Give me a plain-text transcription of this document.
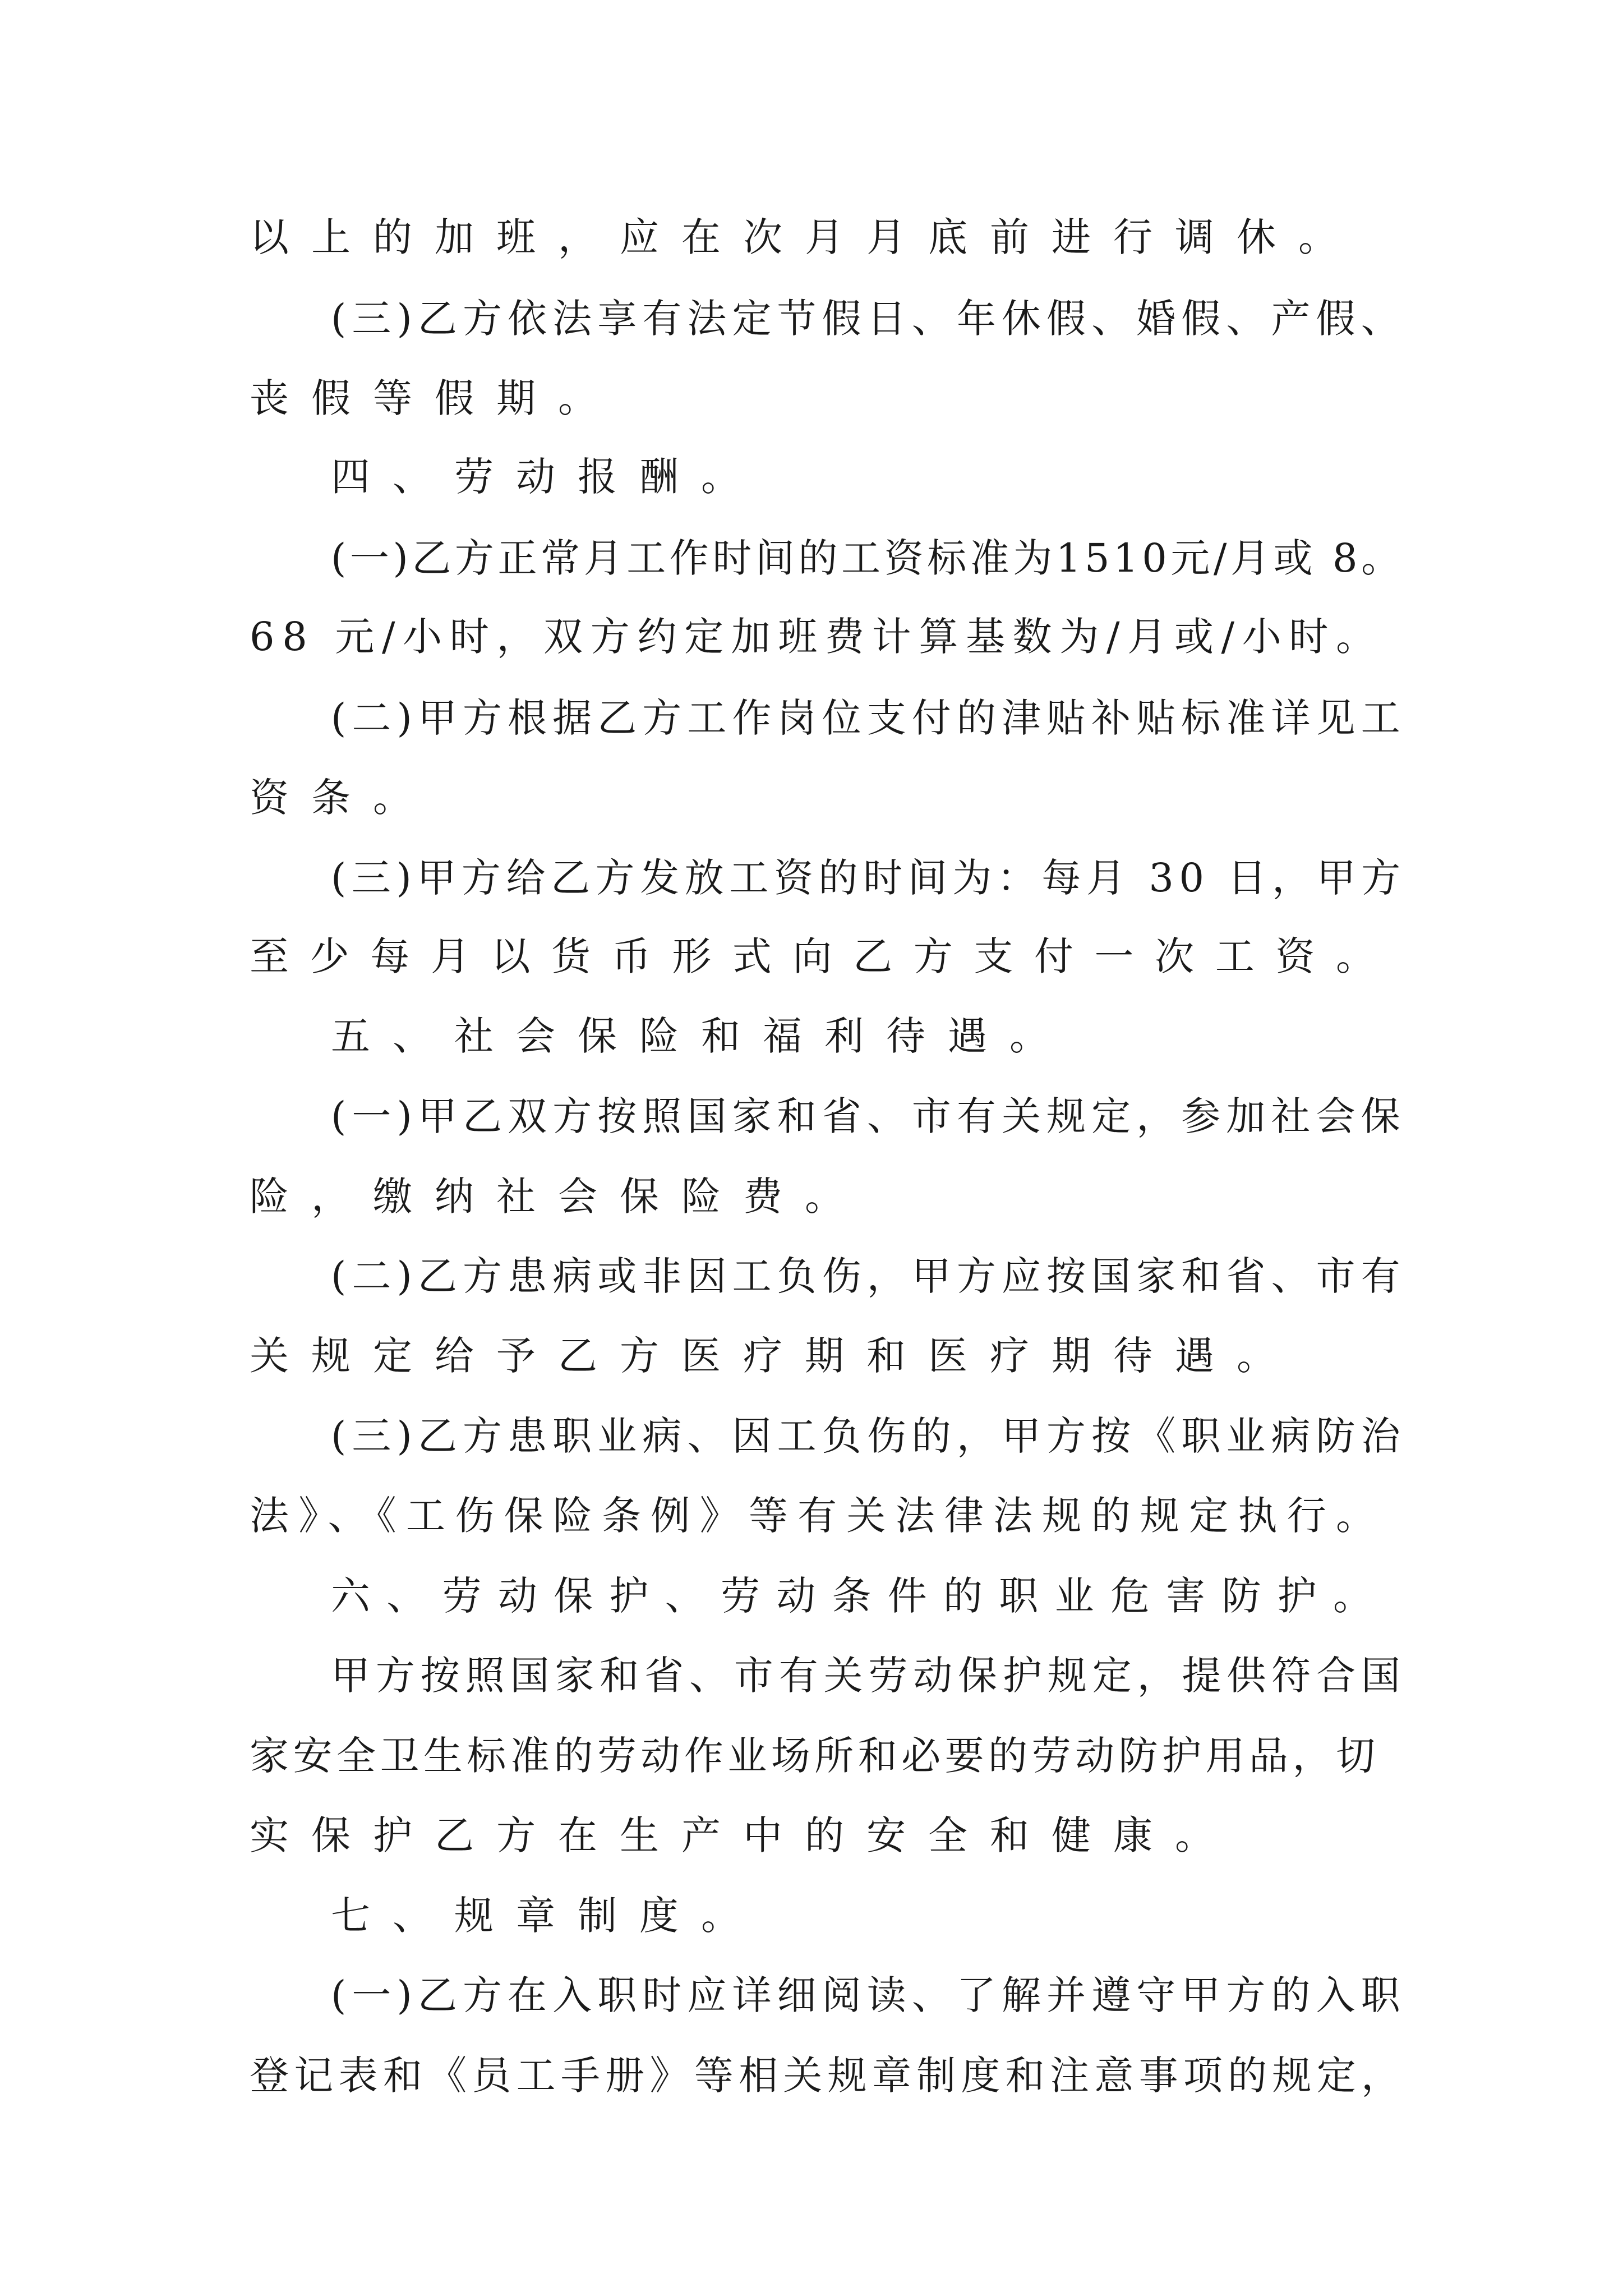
以上的加班，应在次月月底前进行调休。
(三)乙方依法享有法定节假日、年休假、婚假、产假、
丧假等假期。
四、劳动报酬。
(一)乙方正常月工作时间的工资标准为1510元/月或 8。
68 元/小时，双方约定加班费计算基数为/月或/小时。
(二)甲方根据乙方工作岗位支付的津贴补贴标准详见工
资条。
(三)甲方给乙方发放工资的时间为：每月 30 日，甲方
至少每月以货币形式向乙方支付一次工资。
五、社会保险和福利待遇。
(一)甲乙双方按照国家和省、市有关规定，参加社会保
险，缴纳社会保险费。
(二)乙方患病或非因工负伤，甲方应按国家和省、市有
关规定给予乙方医疗期和医疗期待遇。
(三)乙方患职业病、因工负伤的，甲方按《职业病防治
法》、《工伤保险条例》等有关法律法规的规定执行。
六、劳动保护、劳动条件的职业危害防护。
甲方按照国家和省、市有关劳动保护规定，提供符合国
家安全卫生标准的劳动作业场所和必要的劳动防护用品，切
实保护乙方在生产中的安全和健康。
七、规章制度。
(一)乙方在入职时应详细阅读、了解并遵守甲方的入职
登记表和《员工手册》等相关规章制度和注意事项的规定，
